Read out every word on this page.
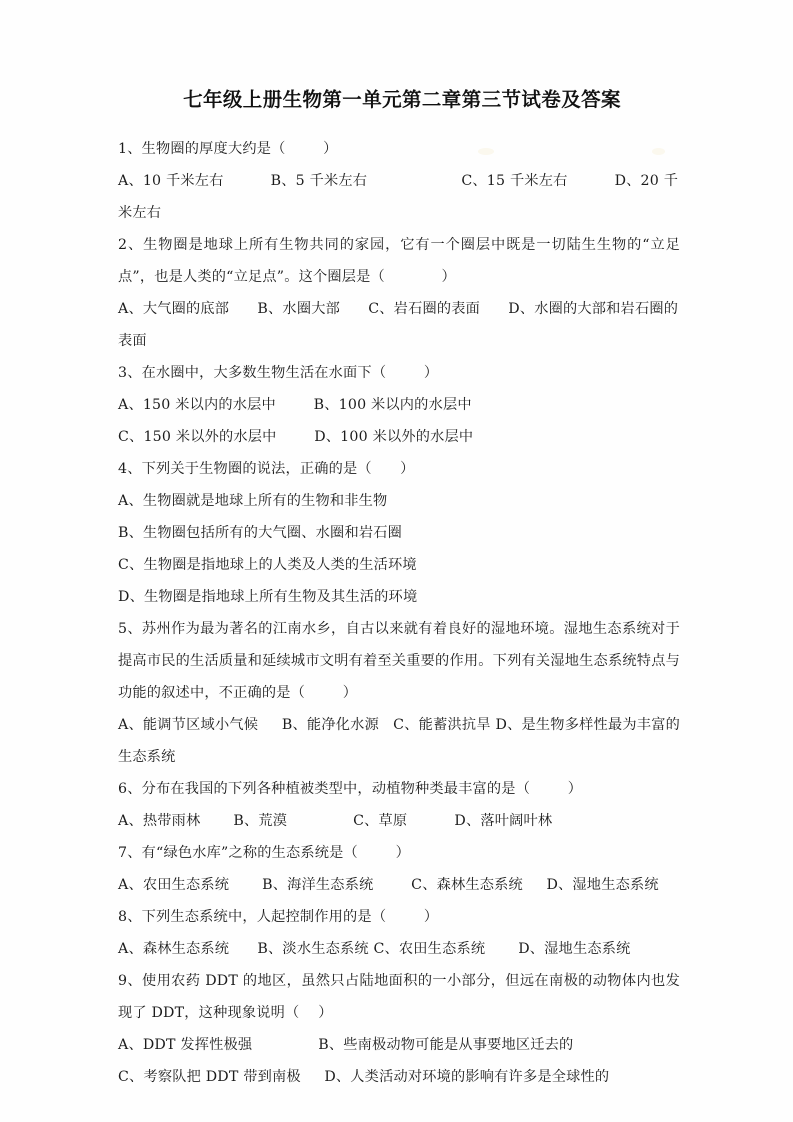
七年级上册生物第一单元第二章第三节试卷及答案
1、生物圈的厚度大约是（        ）
A、10 千米左右          B、5 千米左右                    C、15 千米左右          D、20 千米左右
2、生物圈是地球上所有生物共同的家园，它有一个圈层中既是一切陆生生物的“立足点”，也是人类的“立足点”。这个圈层是（            ）
A、大气圈的底部      B、水圈大部      C、岩石圈的表面      D、水圈的大部和岩石圈的表面
3、在水圈中，大多数生物生活在水面下（        ）
A、150 米以内的水层中        B、100 米以内的水层中
C、150 米以外的水层中        D、100 米以外的水层中
4、下列关于生物圈的说法，正确的是（      ）
A、生物圈就是地球上所有的生物和非生物
B、生物圈包括所有的大气圈、水圈和岩石圈
C、生物圈是指地球上的人类及人类的生活环境
D、生物圈是指地球上所有生物及其生活的环境
5、苏州作为最为著名的江南水乡，自古以来就有着良好的湿地环境。湿地生态系统对于提高市民的生活质量和延续城市文明有着至关重要的作用。下列有关湿地生态系统特点与功能的叙述中，不正确的是（        ）
A、能调节区域小气候     B、能净化水源   C、能蓄洪抗旱 D、是生物多样性最为丰富的生态系统
6、分布在我国的下列各种植被类型中，动植物种类最丰富的是（        ）
A、热带雨林       B、荒漠              C、草原          D、落叶阔叶林
7、有“绿色水库”之称的生态系统是（        ）
A、农田生态系统       B、海洋生态系统        C、森林生态系统     D、湿地生态系统
8、下列生态系统中，人起控制作用的是（        ）
A、森林生态系统      B、淡水生态系统 C、农田生态系统       D、湿地生态系统
9、使用农药 DDT 的地区，虽然只占陆地面积的一小部分，但远在南极的动物体内也发现了 DDT，这种现象说明（    ）
A、DDT 发挥性极强              B、些南极动物可能是从事要地区迁去的
C、考察队把 DDT 带到南极     D、人类活动对环境的影响有许多是全球性的
